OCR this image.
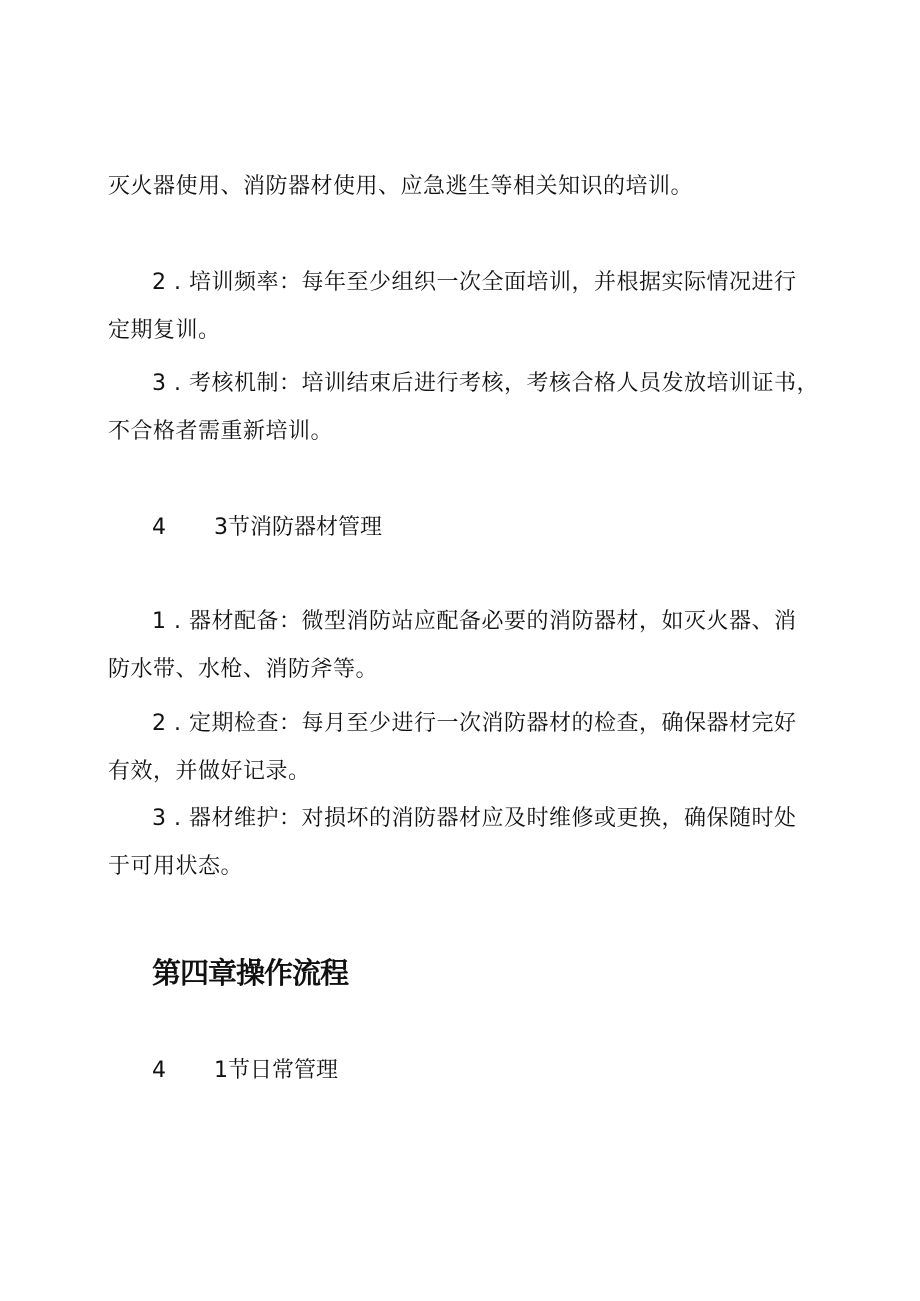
灭火器使用、消防器材使用、应急逃生等相关知识的培训。
2 . 培训频率：每年至少组织一次全面培训，并根据实际情况进行
定期复训。
3 . 考核机制：培训结束后进行考核，考核合格人员发放培训证书，
不合格者需重新培训。
4 3节消防器材管理
1 . 器材配备：微型消防站应配备必要的消防器材，如灭火器、消
防水带、水枪、消防斧等。
2 . 定期检查：每月至少进行一次消防器材的检查，确保器材完好
有效，并做好记录。
3 . 器材维护：对损坏的消防器材应及时维修或更换，确保随时处
于可用状态。
第四章操作流程
4 1节日常管理
